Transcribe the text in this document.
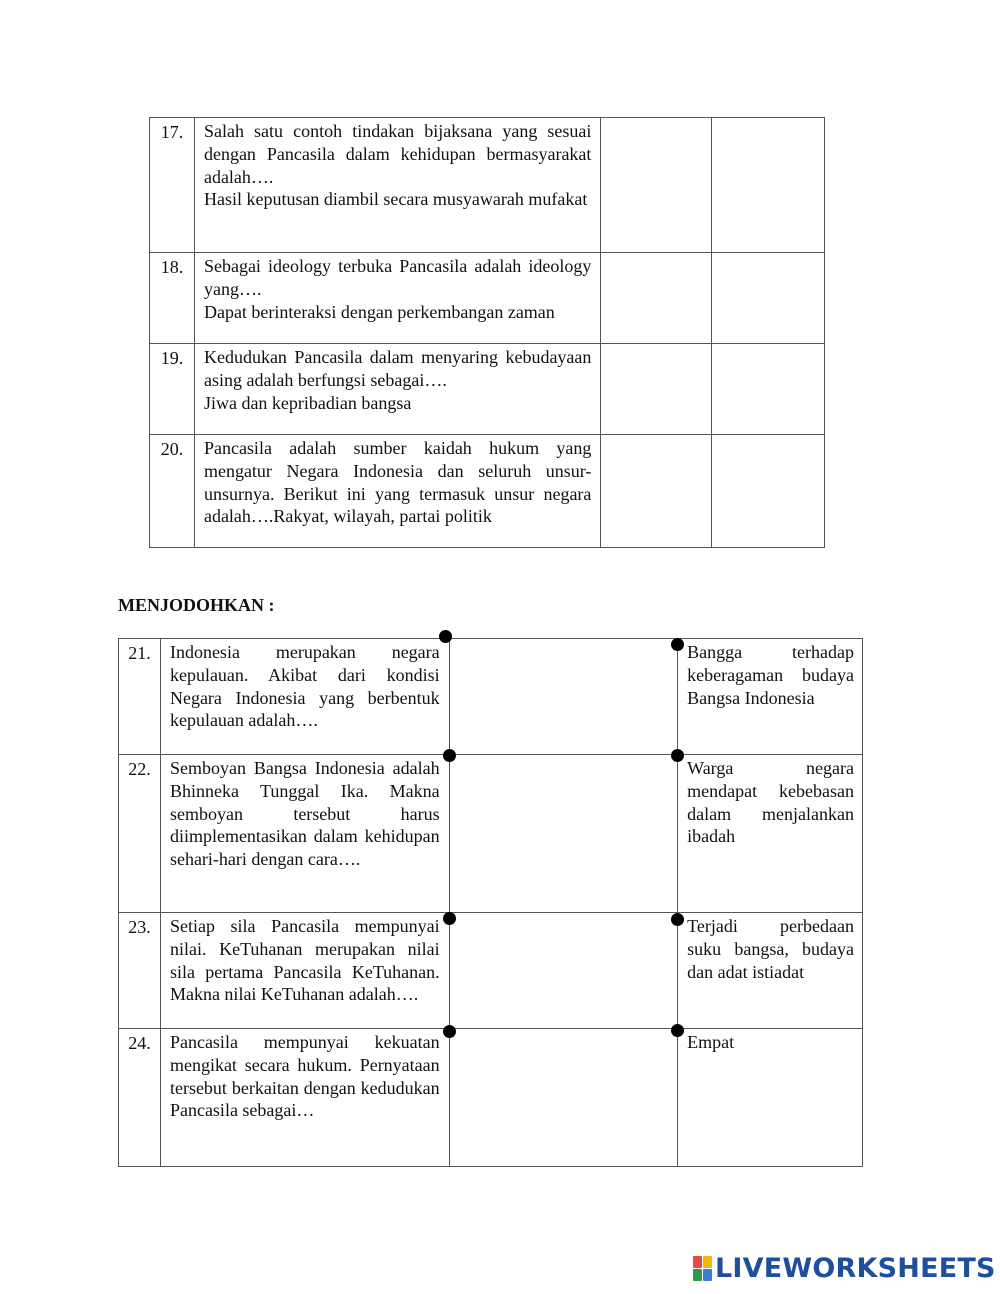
17.	Salah satu contoh tindakan bijaksana yang sesuai dengan Pancasila dalam kehidupan bermasyarakat adalah….
Hasil keputusan diambil secara musyawarah mufakat		

18.	Sebagai ideology terbuka Pancasila adalah ideology yang….
Dapat berinteraksi dengan perkembangan zaman		

19.	Kedudukan Pancasila dalam menyaring kebudayaan asing adalah berfungsi sebagai….
Jiwa dan kepribadian bangsa		

20.	Pancasila adalah sumber kaidah hukum yang mengatur Negara Indonesia dan seluruh unsur-unsurnya. Berikut ini yang termasuk unsur negara adalah….Rakyat, wilayah, partai politik		

MENJODOHKAN :
21.	Indonesia merupakan negara kepulauan. Akibat dari kondisi Negara Indonesia yang berbentuk kepulauan adalah….		Bangga terhadap keberagaman budaya Bangsa Indonesia
22.	Semboyan Bangsa Indonesia adalah Bhinneka Tunggal Ika. Makna semboyan tersebut harus diimplementasikan dalam kehidupan sehari-hari dengan cara….		Warga negara mendapat kebebasan dalam menjalankan ibadah
23.	Setiap sila Pancasila mempunyai nilai. KeTuhanan merupakan nilai sila pertama Pancasila KeTuhanan. Makna nilai KeTuhanan adalah….		Terjadi perbedaan suku bangsa, budaya dan adat istiadat
24.	Pancasila mempunyai kekuatan mengikat secara hukum. Pernyataan tersebut berkaitan dengan kedudukan Pancasila sebagai…		Empat
LIVEWORKSHEETS
